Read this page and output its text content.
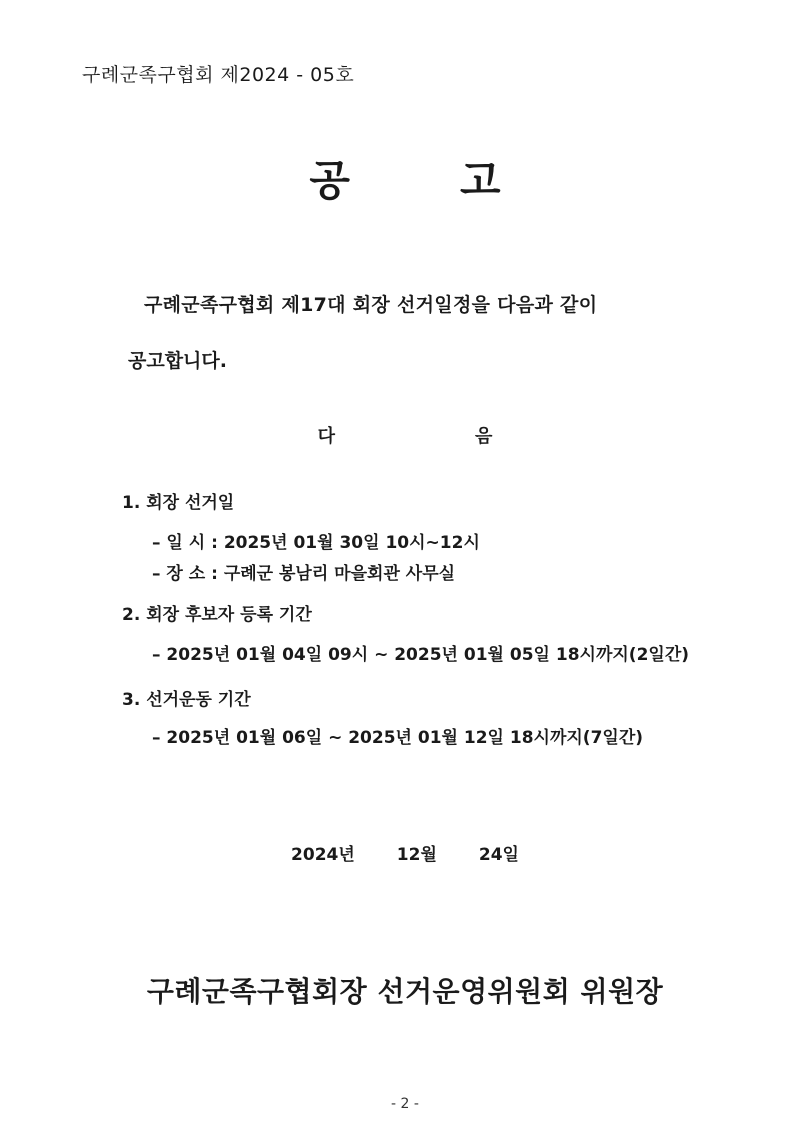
구례군족구협회 제2024 - 05호
공	고
구례군족구협회 제17대 회장 선거일정을 다음과 같이
공고합니다.
다	음
1. 회장 선거일
– 일 시 : 2025년 01월 30일 10시~12시
– 장 소 : 구례군 봉남리 마을회관 사무실
2. 회장 후보자 등록 기간
– 2025년 01월 04일 09시 ~ 2025년 01월 05일 18시까지(2일간)
3. 선거운동 기간
– 2025년 01월 06일 ~ 2025년 01월 12일 18시까지(7일간)
2024년 12월 24일
구례군족구협회장 선거운영위원회 위원장
- 2 -
